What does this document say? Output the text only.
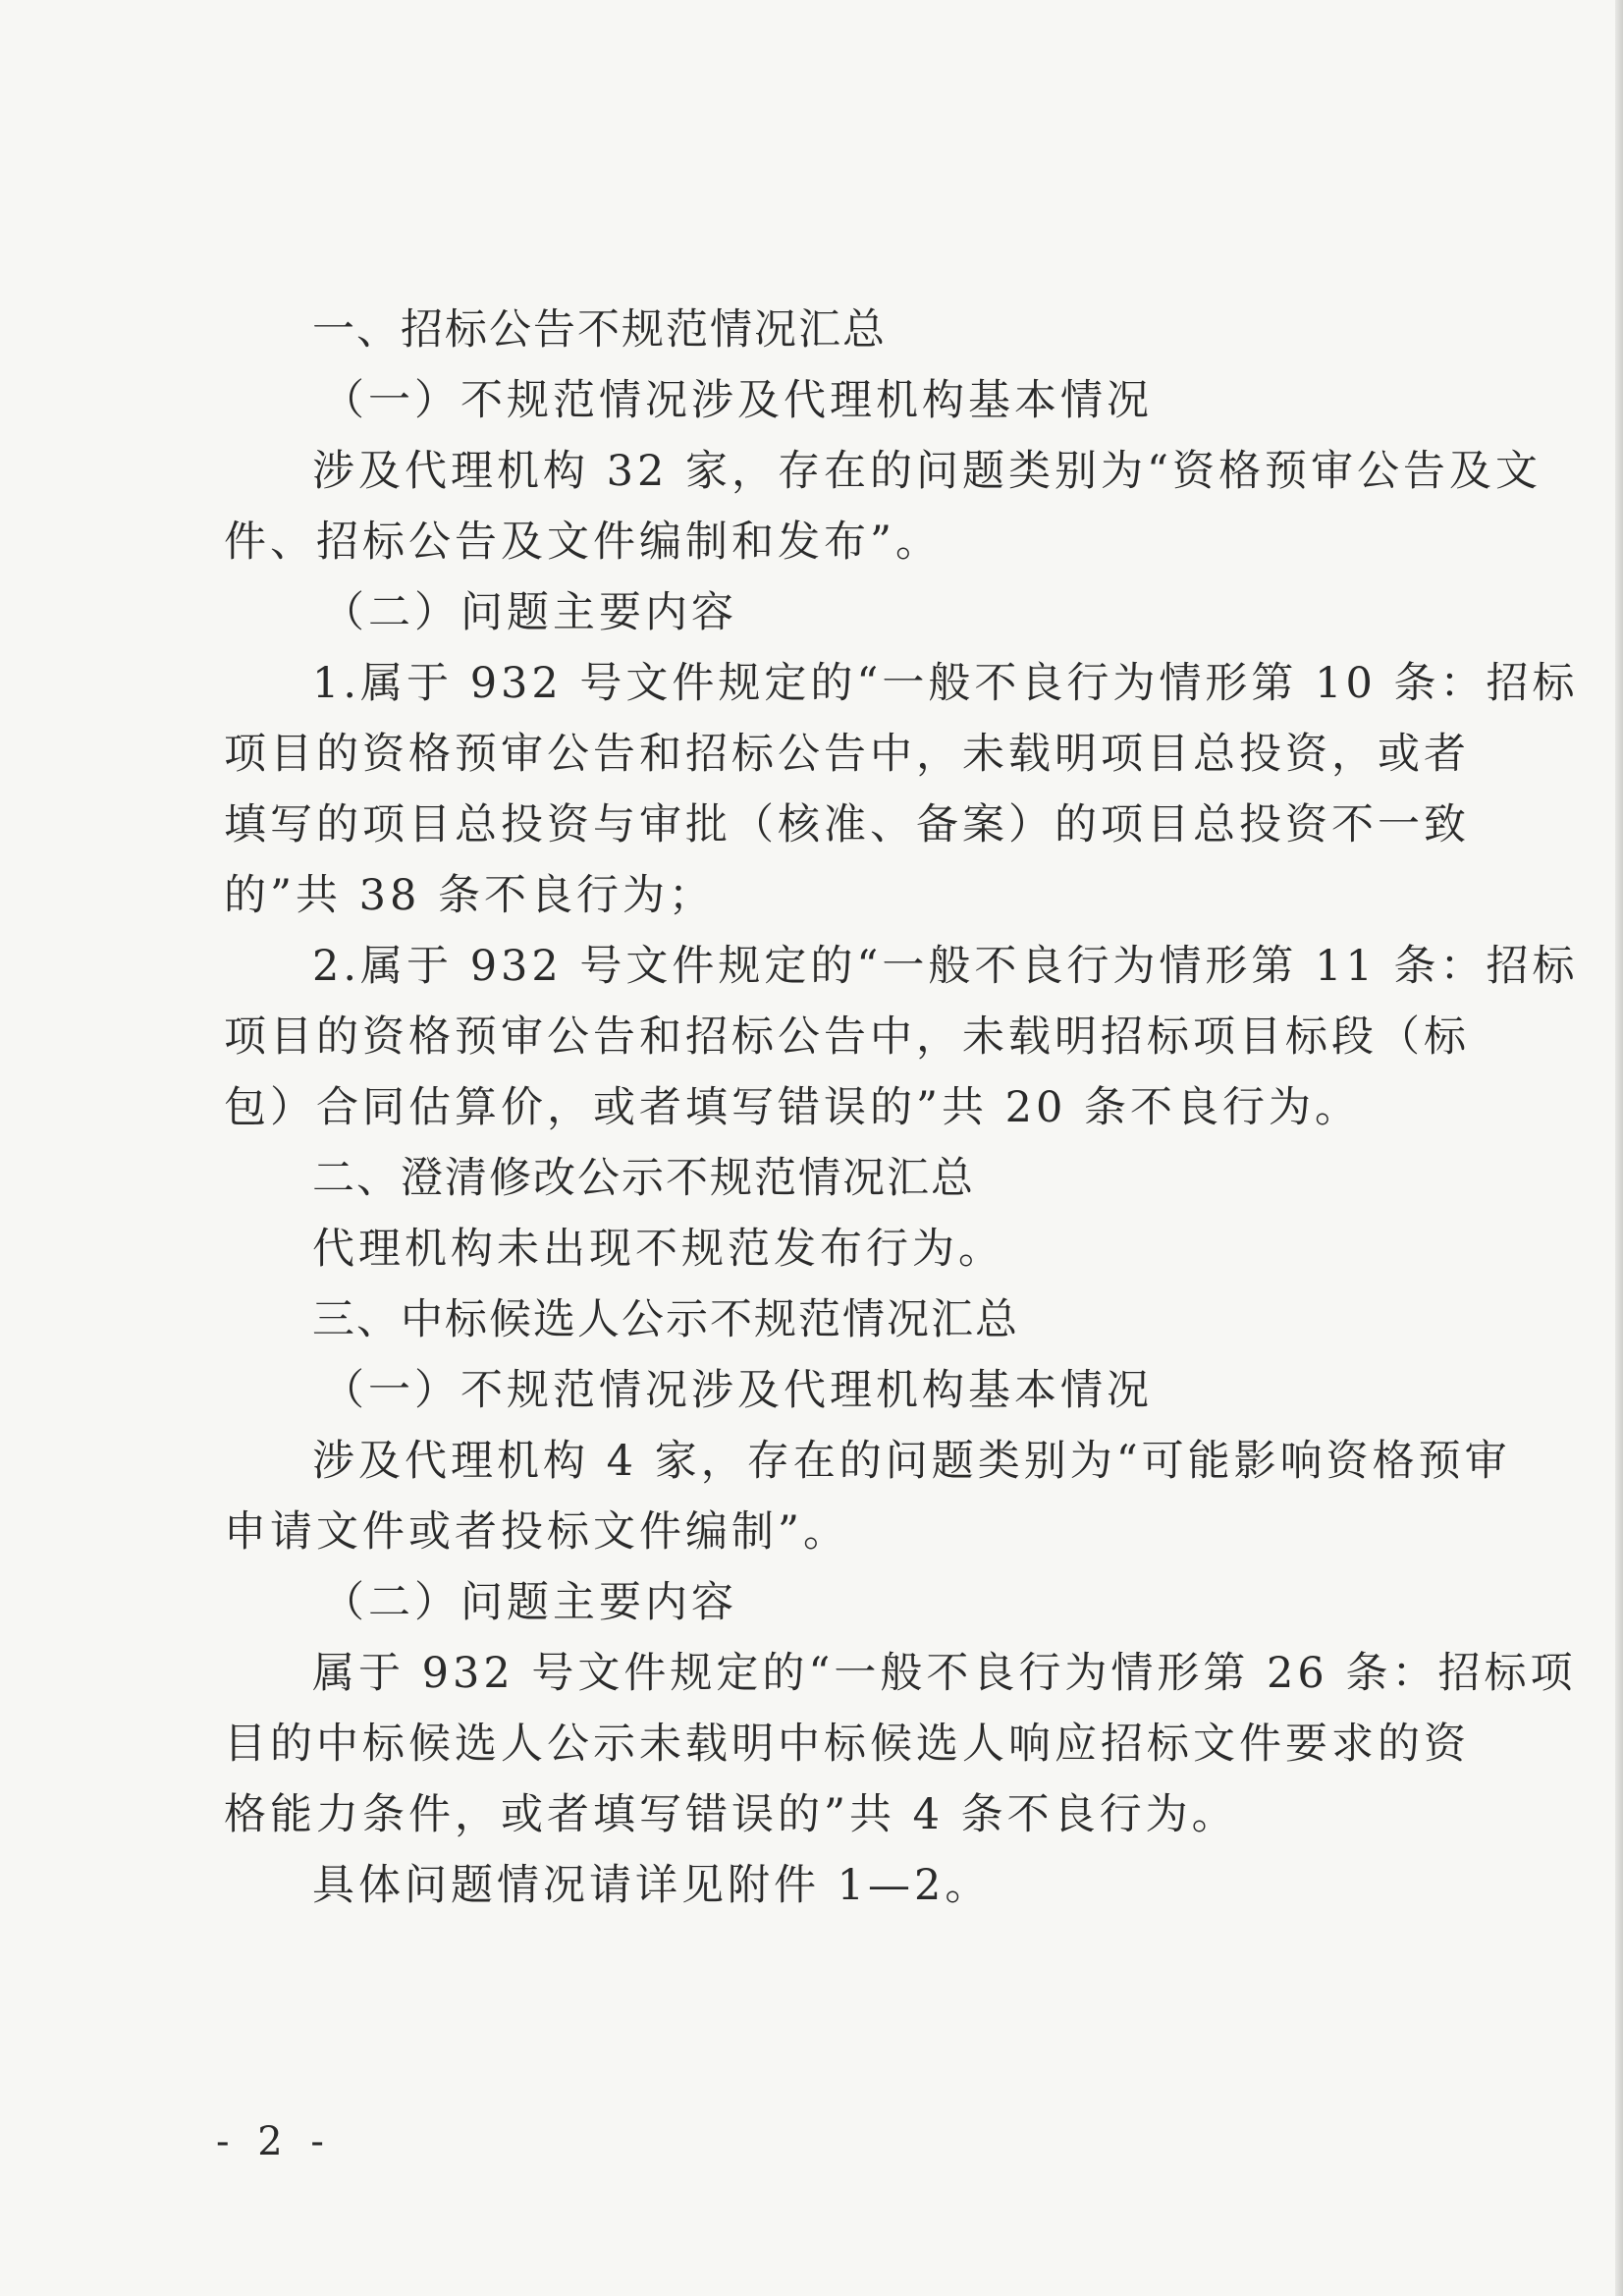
一、招标公告不规范情况汇总

（一）不规范情况涉及代理机构基本情况

涉及代理机构 32 家，存在的问题类别为“资格预审公告及文

件、招标公告及文件编制和发布”。

（二）问题主要内容

1.属于 932 号文件规定的“一般不良行为情形第 10 条：招标

项目的资格预审公告和招标公告中，未载明项目总投资，或者

填写的项目总投资与审批（核准、备案）的项目总投资不一致

的”共 38 条不良行为；

2.属于 932 号文件规定的“一般不良行为情形第 11 条：招标

项目的资格预审公告和招标公告中，未载明招标项目标段（标

包）合同估算价，或者填写错误的”共 20 条不良行为。

二、澄清修改公示不规范情况汇总

代理机构未出现不规范发布行为。

三、中标候选人公示不规范情况汇总

（一）不规范情况涉及代理机构基本情况

涉及代理机构 4 家，存在的问题类别为“可能影响资格预审

申请文件或者投标文件编制”。

（二）问题主要内容

属于 932 号文件规定的“一般不良行为情形第 26 条：招标项

目的中标候选人公示未载明中标候选人响应招标文件要求的资

格能力条件，或者填写错误的”共 4 条不良行为。

具体问题情况请详见附件 1—2。

- 2 -
